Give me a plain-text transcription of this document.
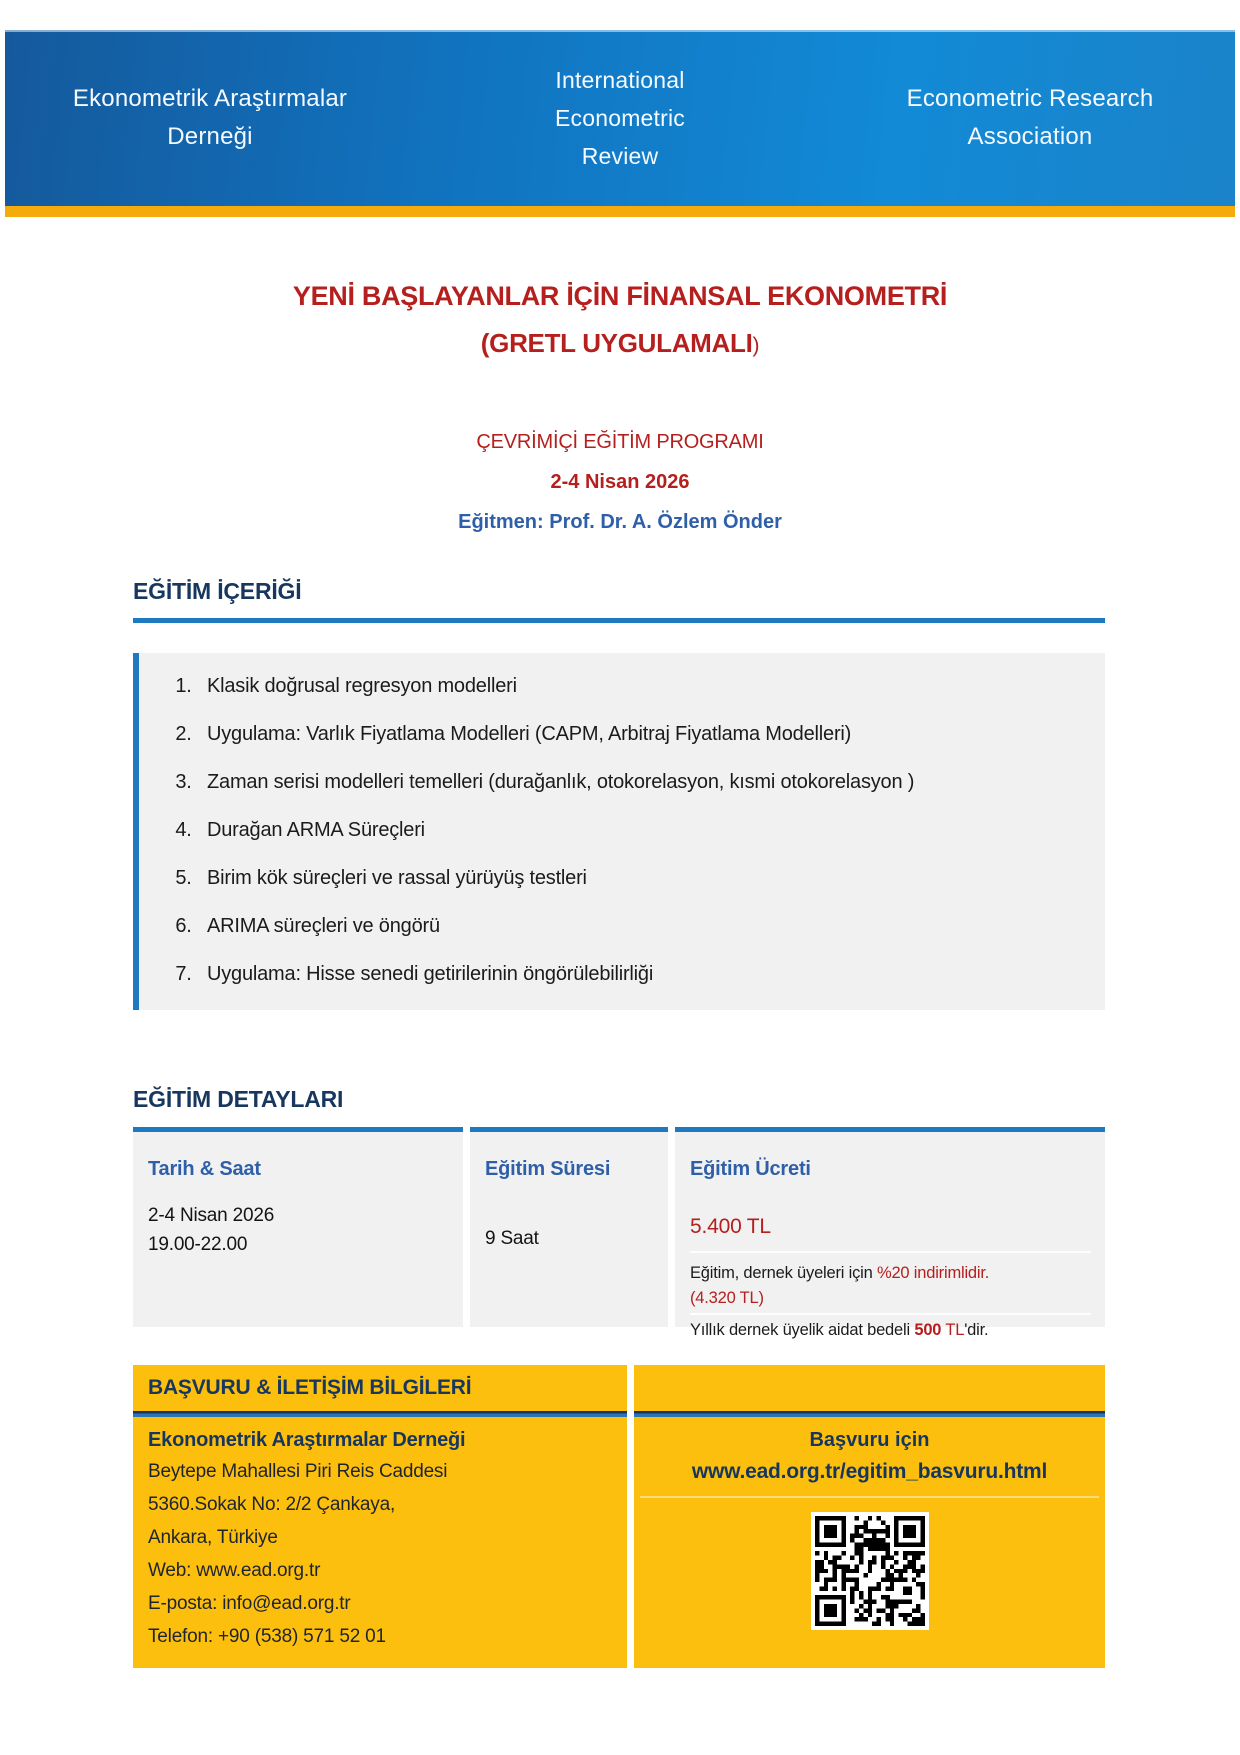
Ekonometrik Araştırmalar
Derneği
International
Econometric
Review
Econometric Research
Association
YENİ BAŞLAYANLAR İÇİN FİNANSAL EKONOMETRİ
(GRETL UYGULAMALI)
ÇEVRİMİÇİ EĞİTİM PROGRAMI
2-4 Nisan 2026
Eğitmen: Prof. Dr. A. Özlem Önder
EĞİTİM İÇERİĞİ
1. Klasik doğrusal regresyon modelleri
2. Uygulama: Varlık Fiyatlama Modelleri (CAPM, Arbitraj Fiyatlama Modelleri)
3. Zaman serisi modelleri temelleri (durağanlık, otokorelasyon, kısmi otokorelasyon )
4. Durağan ARMA Süreçleri
5. Birim kök süreçleri ve rassal yürüyüş testleri
6. ARIMA süreçleri ve öngörü
7. Uygulama: Hisse senedi getirilerinin öngörülebilirliği
EĞİTİM DETAYLARI
Tarih & Saat
2-4 Nisan 2026
19.00-22.00
Eğitim Süresi
9 Saat
Eğitim Ücreti
5.400 TL
Eğitim, dernek üyeleri için %20 indirimlidir.
(4.320 TL)
Yıllık dernek üyelik aidat bedeli 500 TL'dir.
BAŞVURU & İLETİŞİM BİLGİLERİ
Ekonometrik Araştırmalar Derneği
Beytepe Mahallesi Piri Reis Caddesi
5360.Sokak No: 2/2 Çankaya,
Ankara, Türkiye
Web: www.ead.org.tr
E-posta: info@ead.org.tr
Telefon: +90 (538) 571 52 01
Başvuru için
www.ead.org.tr/egitim_basvuru.html
